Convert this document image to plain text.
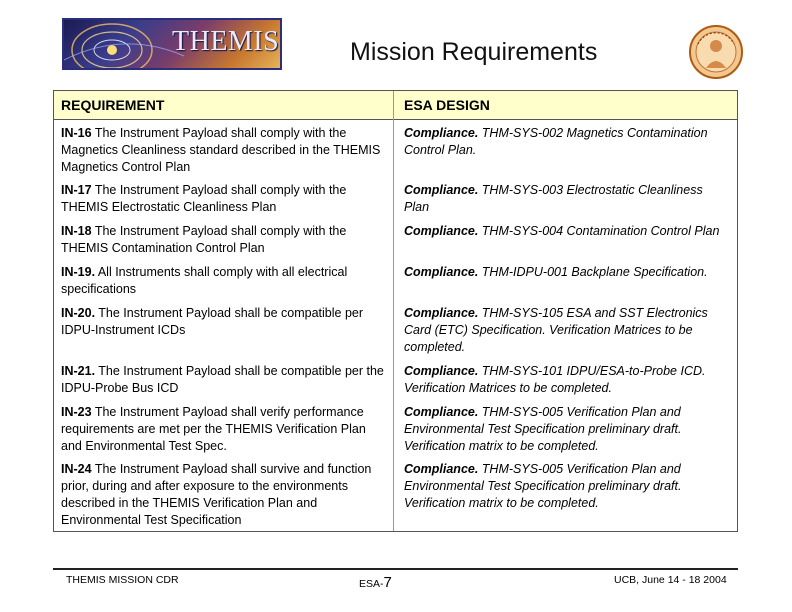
THEMIS	Mission Requirements
REQUIREMENT	ESA DESIGN
IN-16 The Instrument Payload shall comply with the Magnetics Cleanliness standard described in the THEMIS Magnetics Control Plan
Compliance. THM-SYS-002 Magnetics Contamination Control Plan.
IN-17 The Instrument Payload shall comply with the THEMIS Electrostatic Cleanliness Plan
Compliance. THM-SYS-003 Electrostatic Cleanliness Plan
IN-18 The Instrument Payload shall comply with the THEMIS Contamination Control Plan
Compliance. THM-SYS-004 Contamination Control Plan
IN-19. All Instruments shall comply with all electrical specifications
Compliance. THM-IDPU-001 Backplane Specification.
IN-20. The Instrument Payload shall be compatible per IDPU-Instrument ICDs
Compliance. THM-SYS-105 ESA and SST Electronics Card (ETC) Specification. Verification Matrices to be completed.
IN-21. The Instrument Payload shall be compatible per the IDPU-Probe Bus ICD
Compliance. THM-SYS-101 IDPU/ESA-to-Probe ICD. Verification Matrices to be completed.
IN-23 The Instrument Payload shall verify performance requirements are met per the THEMIS Verification Plan and Environmental Test Spec.
Compliance. THM-SYS-005 Verification Plan and Environmental Test Specification preliminary draft. Verification matrix to be completed.
IN-24 The Instrument Payload shall survive and function prior, during and after exposure to the environments described in the THEMIS Verification Plan and Environmental Test Specification
Compliance. THM-SYS-005 Verification Plan and Environmental Test Specification preliminary draft. Verification matrix to be completed.
THEMIS MISSION CDR	ESA-7	UCB, June 14 - 18 2004
